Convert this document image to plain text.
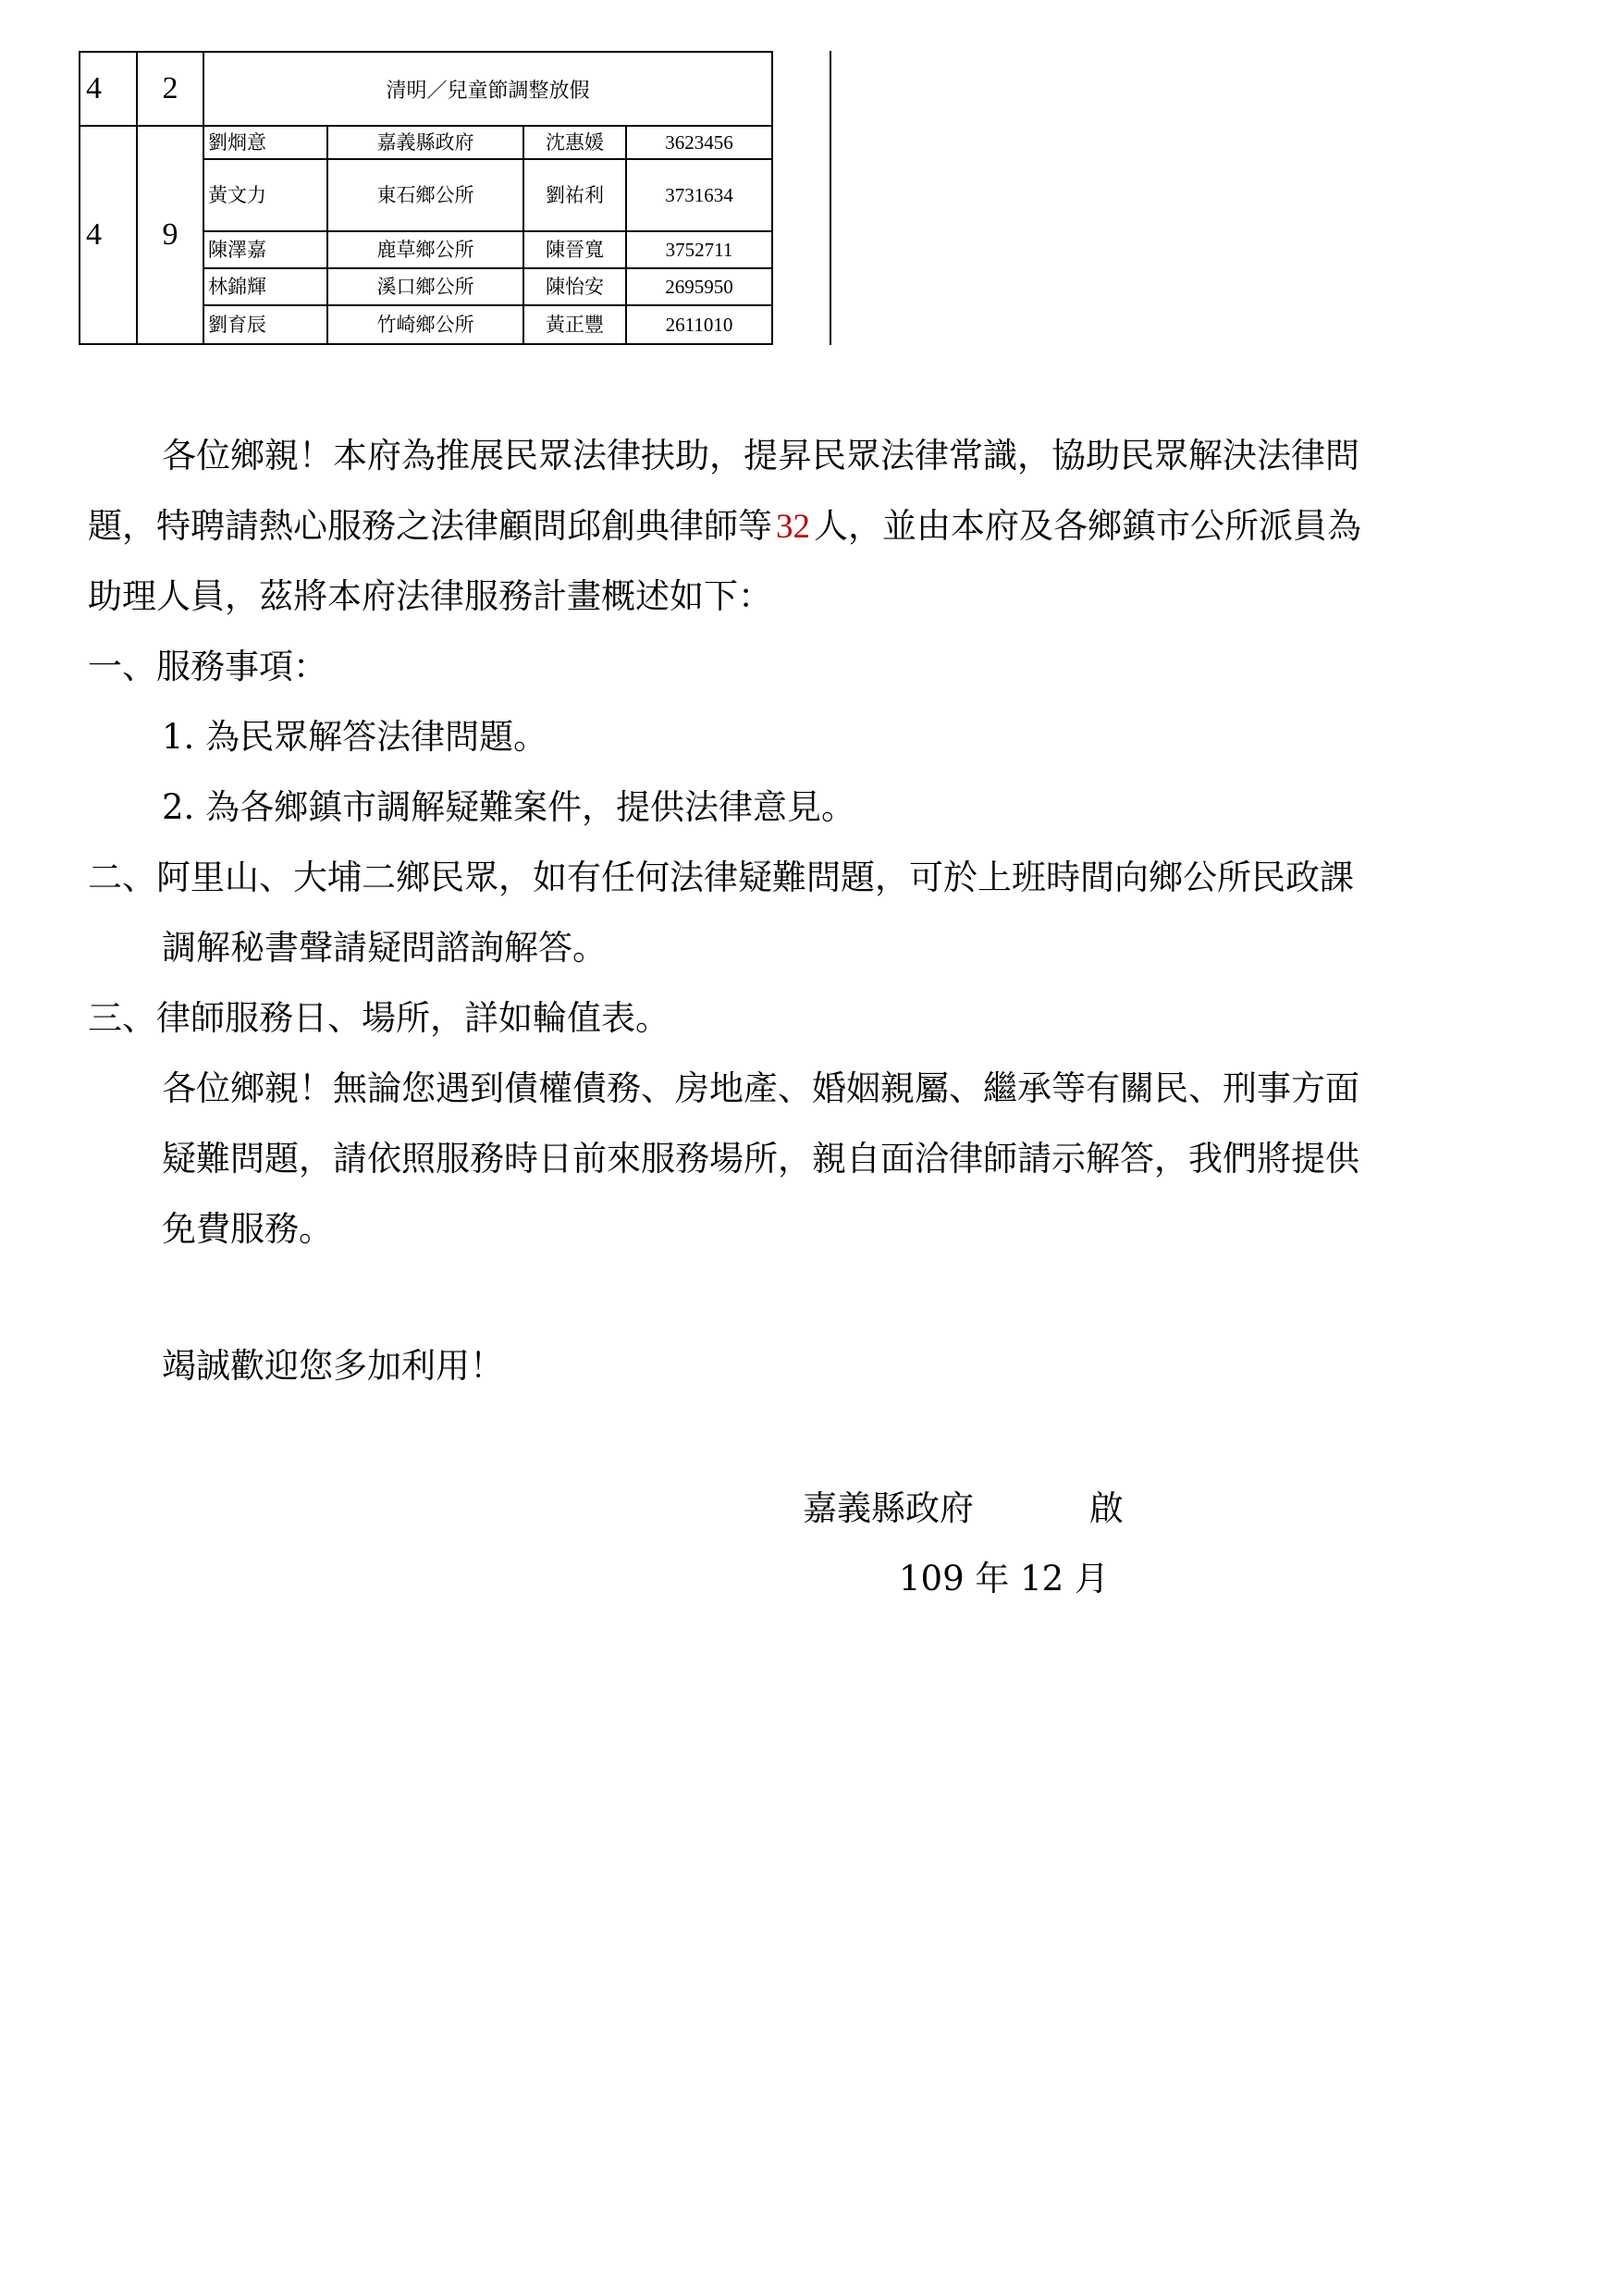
4	2	清明／兒童節調整放假			
4	9	劉烱意	嘉義縣政府	沈惠媛	3623456
		黃文力	東石鄉公所	劉祐利	3731634
		陳澤嘉	鹿草鄉公所	陳晉寬	3752711
		林錦輝	溪口鄉公所	陳怡安	2695950
		劉育辰	竹崎鄉公所	黃正豐	2611010

各位鄉親！本府為推展民眾法律扶助，提昇民眾法律常識，協助民眾解決法律問

題，特聘請熱心服務之法律顧問邱創典律師等 32 人，並由本府及各鄉鎮市公所派員為

助理人員，茲將本府法律服務計畫概述如下：

一、服務事項：

1. 為民眾解答法律問題。

2. 為各鄉鎮市調解疑難案件，提供法律意見。

二、阿里山、大埔二鄉民眾，如有任何法律疑難問題，可於上班時間向鄉公所民政課

調解秘書聲請疑問諮詢解答。

三、律師服務日、場所，詳如輪值表。

各位鄉親！無論您遇到債權債務、房地產、婚姻親屬、繼承等有關民、刑事方面

疑難問題，請依照服務時日前來服務場所，親自面洽律師請示解答，我們將提供

免費服務。

竭誠歡迎您多加利用！

嘉義縣政府	啟

109 年 12 月
